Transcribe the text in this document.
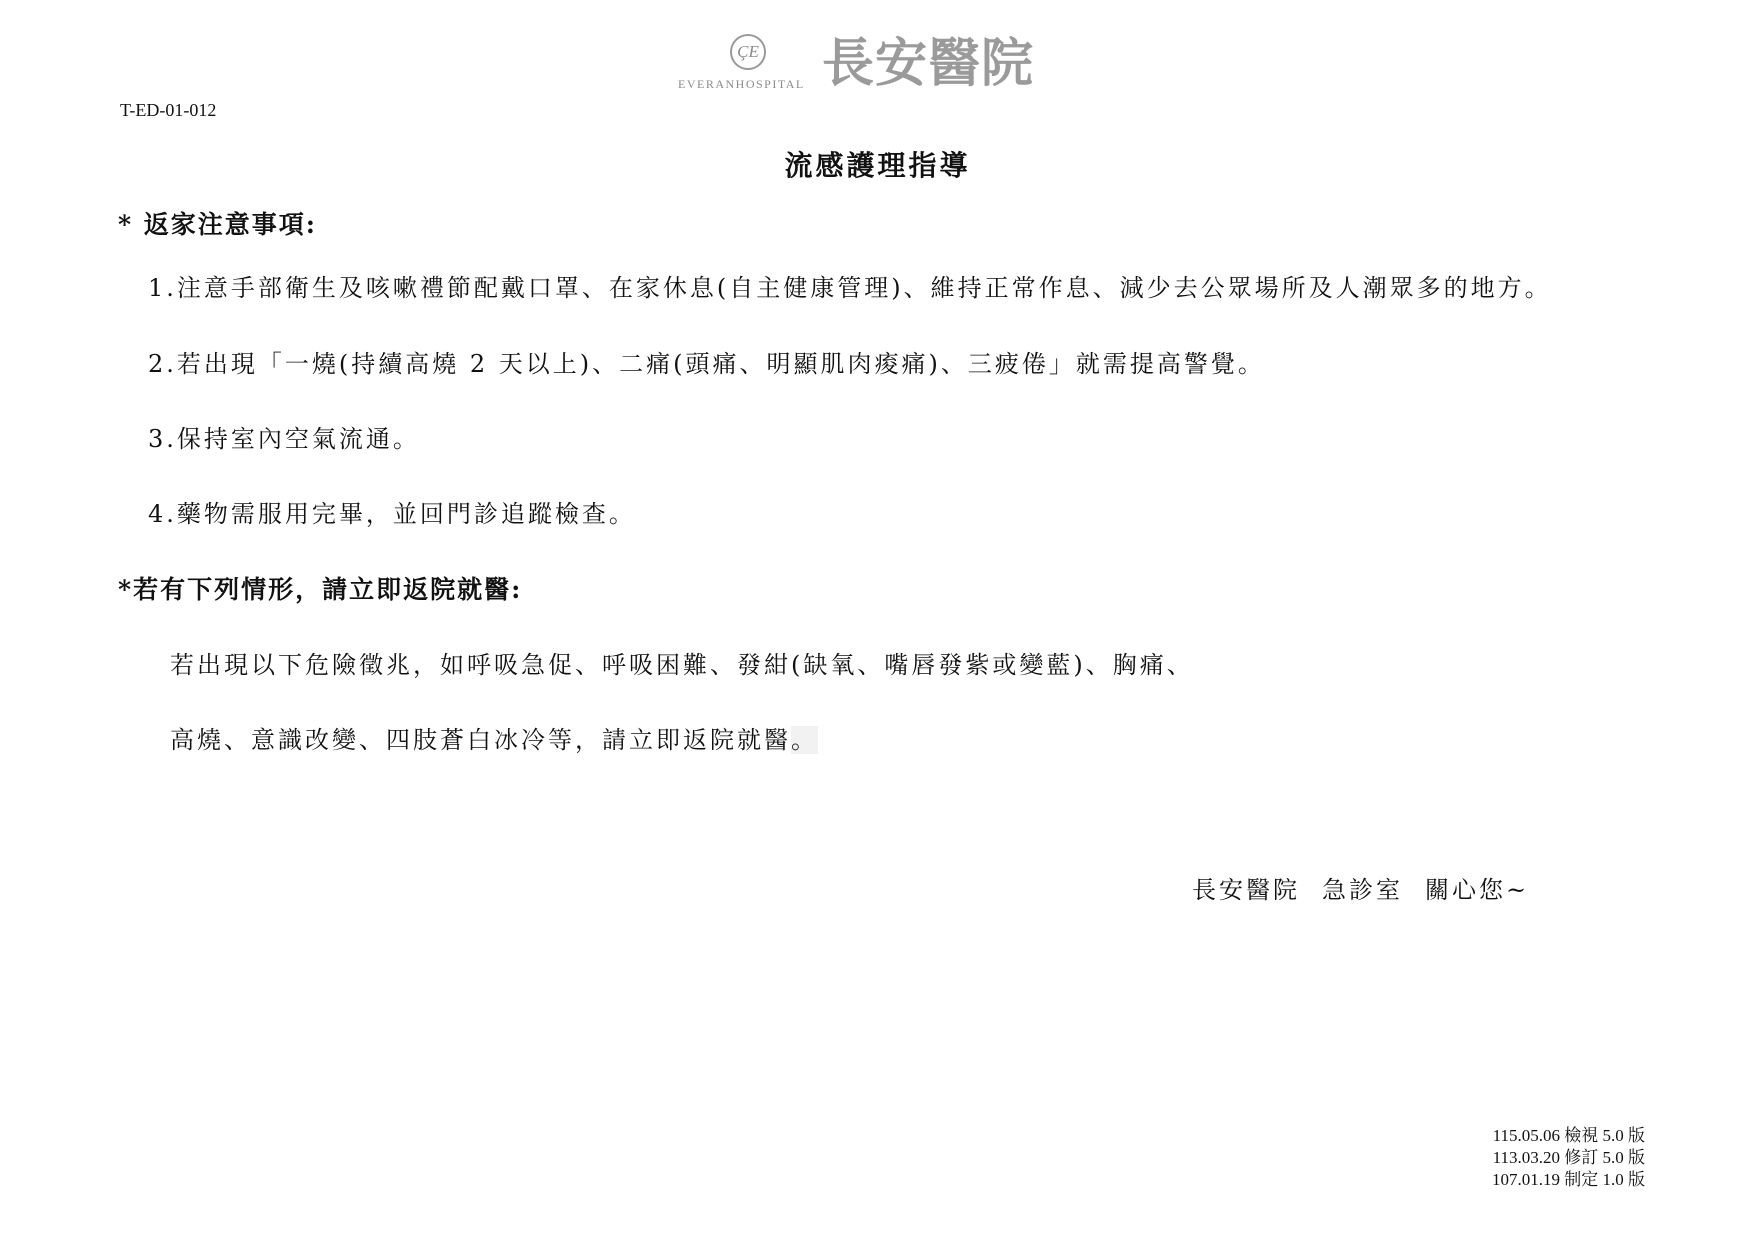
ÇE
EVERANHOSPITAL 長安醫院
T-ED-01-012
流感護理指導
* 返家注意事項:
1.注意手部衛生及咳嗽禮節配戴口罩、在家休息(自主健康管理)、維持正常作息、減少去公眾場所及人潮眾多的地方。
2.若出現「一燒(持續高燒 2 天以上)、二痛(頭痛、明顯肌肉痠痛)、三疲倦」就需提高警覺。
3.保持室內空氣流通。
4.藥物需服用完畢，並回門診追蹤檢查。
*若有下列情形，請立即返院就醫:
若出現以下危險徵兆，如呼吸急促、呼吸困難、發紺(缺氧、嘴唇發紫或變藍)、胸痛、
高燒、意識改變、四肢蒼白冰冷等，請立即返院就醫。
長安醫院 急診室 關心您~
115.05.06 檢視 5.0 版
113.03.20 修訂 5.0 版
107.01.19 制定 1.0 版
